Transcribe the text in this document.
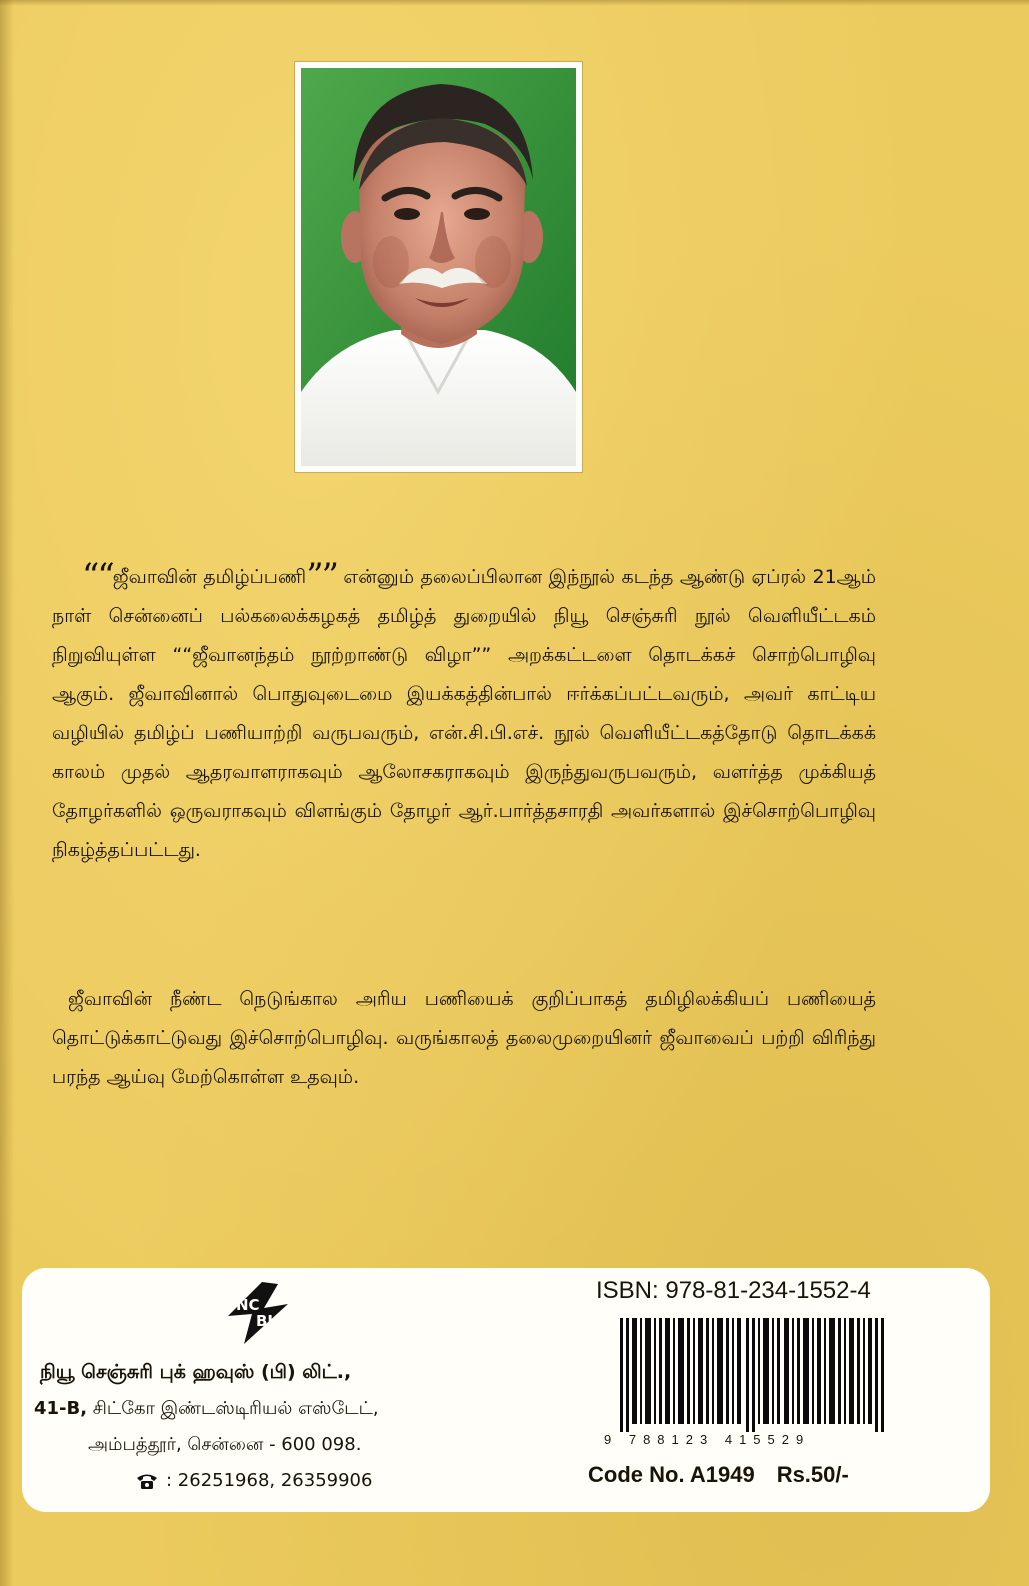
““ஜீவாவின் தமிழ்ப்பணி”” என்னும் தலைப்பிலான இந்நூல் கடந்த ஆண்டு ஏப்ரல் 21ஆம் நாள் சென்னைப் பல்கலைக்கழகத் தமிழ்த் துறையில் நியூ செஞ்சுரி நூல் வெளியீட்டகம் நிறுவியுள்ள ““ஜீவானந்தம் நூற்றாண்டு விழா”” அறக்கட்டளை தொடக்கச் சொற்பொழிவு ஆகும். ஜீவாவினால் பொதுவுடைமை இயக்கத்தின்பால் ஈர்க்கப்பட்டவரும், அவர் காட்டிய வழியில் தமிழ்ப் பணியாற்றி வருபவரும், என்.சி.பி.எச். நூல் வெளியீட்டகத்தோடு தொடக்கக் காலம் முதல் ஆதரவாளராகவும் ஆலோசகராகவும் இருந்துவருபவரும், வளர்த்த முக்கியத் தோழர்களில் ஒருவராகவும் விளங்கும் தோழர் ஆர்.பார்த்தசாரதி அவர்களால் இச்சொற்பொழிவு நிகழ்த்தப்பட்டது.

ஜீவாவின் நீண்ட நெடுங்கால அரிய பணியைக் குறிப்பாகத் தமிழிலக்கியப் பணியைத் தொட்டுக்காட்டுவது இச்சொற்பொழிவு. வருங்காலத் தலைமுறையினர் ஜீவாவைப் பற்றி விரிந்து பரந்த ஆய்வு மேற்கொள்ள உதவும்.

NC
BH
நியூ செஞ்சுரி புக் ஹவுஸ் (பி) லிட்.,
41-B, சிட்கோ இண்டஸ்டிரியல் எஸ்டேட்,
அம்பத்தூர், சென்னை - 600 098.
: 26251968, 26359906
ISBN: 978-81-234-1552-4
9 788123 415529
Code No. A1949 Rs.50/-
